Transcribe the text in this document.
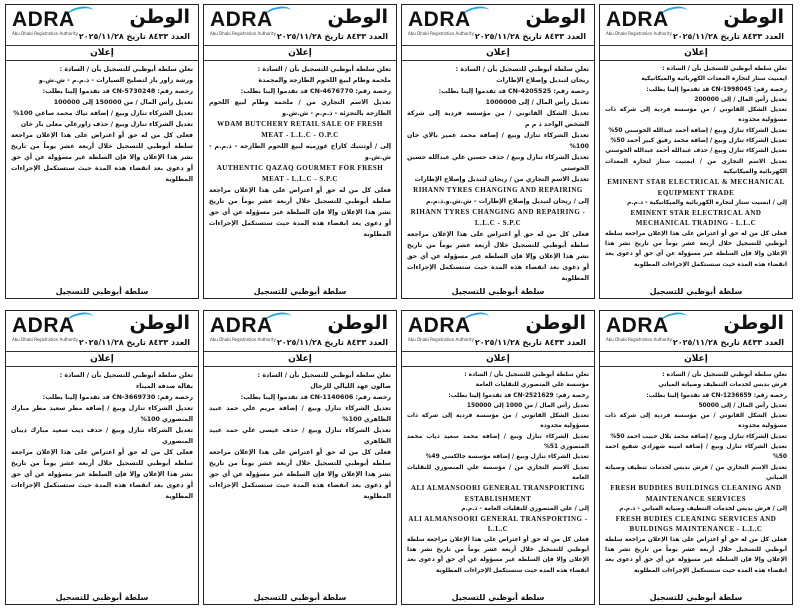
ADRA
Abu Dhabi Registration Authority
الوطن
العدد ٨٤٣٣ تاريخ ٢٠٢٥/١١/٢٨
إعلان
تعلن سلطة أبوظبي للتسجيل بأن / السادة :
ايمنيت ستار لتجارة المعدات الكهربائية والميكانيكية
رخصة رقم: CN-1998045 قد تقدموا إلينا بطلب:
تعديل رأس المال / إلى 200000
تعديل الشكل القانوني / من مؤسسة فردية إلى شركة ذات مسؤولية محدودة
تعديل الشركاء تنازل وبيع / إضافة أحمد عبدالله الحوسني 50%
تعديل الشركاء تنازل وبيع / إضافة محمد رفيق كبير أحمد 50%
تعديل الشركاء تنازل وبيع / حذف عبدالله أحمد عبدالله الحوسني
تعديل الاسم التجاري من / ايمنيت ستار لتجارة المعدات الكهربائية والميكانيكية
EMINENT STAR ELECTRICAL & MECHANICAL EQUIPMENT TRADE
إلى / ايمنيت ستار لتجارة الكهربائية والميكانيكية - ذ.م.م
EMINENT STAR ELECTRICAL AND MECHANICAL TRADING - L.L.C
فعلى كل من له حق أو اعتراض على هذا الإعلان مراجعة سلطة أبوظبي للتسجيل خلال أربعة عشر يوماً من تاريخ نشر هذا الإعلان وإلا فإن السلطة غير مسؤولة عن أي حق أو دعوى بعد انقضاء هذه المدة حيث ستستكمل الإجراءات المطلوبة
سلطة أبوظبي للتسجيل
ADRA
Abu Dhabi Registration Authority
الوطن
العدد ٨٤٣٣ تاريخ ٢٠٢٥/١١/٢٨
إعلان
تعلن سلطة أبوظبي للتسجيل بأن / السادة :
ريحان لتبديل وإصلاح الإطارات
رخصة رقم: CN-4205525 قد تقدموا إلينا بطلب:
تعديل رأس المال / إلى 1000000
تعديل الشكل القانوني / من مؤسسة فردية إلى شركة الشخص الواحد ذ م م
تعديل الشركاء تنازل وبيع / إضافة محمد عمير بالاي خان 100%
تعديل الشركاء تنازل وبيع / حذف حسين علي عبدالله حسين الحوسني
تعديل الاسم التجاري من / ريحان لتبديل وإصلاح الإطارات
RIHANN TYRES CHANGING AND REPAIRING
إلى / ريحان لتبديل وإصلاح الإطارات - ش.ش.و.ذ.م.م
RIHANN TYRES CHANGING AND REPAIRING - L.L.C - S.P.C
فعلى كل من له حق أو اعتراض على هذا الإعلان مراجعة سلطة أبوظبي للتسجيل خلال أربعة عشر يوماً من تاريخ نشر هذا الإعلان وإلا فإن السلطة غير مسؤولة عن أي حق أو دعوى بعد انقضاء هذه المدة حيث ستستكمل الإجراءات المطلوبة
سلطة أبوظبي للتسجيل
ADRA
Abu Dhabi Registration Authority
الوطن
العدد ٨٤٣٣ تاريخ ٢٠٢٥/١١/٢٨
إعلان
تعلن سلطة أبوظبي للتسجيل بأن / السادة :
ملحمة وطام لبيع اللحوم الطازجة والمجمدة
رخصة رقم: CN-4676770 قد تقدموا إلينا بطلب:
تعديل الاسم التجاري من / ملحمة وطام لبيع اللحوم الطازجة بالتجزئة - ذ.م.م - ش.ش.و
WDAM BUTCHERY RETAIL SALE OF FRESH MEAT - L.L.C - O.P.C
إلى / أوثنتيك كازاخ غورميه لبيع اللحوم الطازجة - ذ.م.م - ش.ش.و
AUTHENTIC QAZAQ GOURMET FOR FRESH MEAT - L.L.C - S.P.C
فعلى كل من له حق أو اعتراض على هذا الإعلان مراجعة سلطة أبوظبي للتسجيل خلال أربعة عشر يوماً من تاريخ نشر هذا الإعلان وإلا فإن السلطة غير مسؤولة عن أي حق أو دعوى بعد انقضاء هذه المدة حيث ستستكمل الإجراءات المطلوبة
سلطة أبوظبي للتسجيل
ADRA
Abu Dhabi Registration Authority
الوطن
العدد ٨٤٣٣ تاريخ ٢٠٢٥/١١/٢٨
إعلان
تعلن سلطة أبوظبي للتسجيل بأن / السادة :
ورشة زاور باز لتصليح السيارات - ذ.م.م - ش.ش.و
رخصة رقم: CN-5730248 قد تقدموا إلينا بطلب:
تعديل رأس المال / من 150000 إلى 100000
تعديل الشركاء تنازل وبيع / إضافة نياك محمد ساغي 100%
تعديل الشركاء تنازل وبيع / حذف زاورعلي معلى باز خان
فعلى كل من له حق أو اعتراض على هذا الإعلان مراجعة سلطة أبوظبي للتسجيل خلال أربعة عشر يوماً من تاريخ نشر هذا الإعلان وإلا فإن السلطة غير مسؤولة عن أي حق أو دعوى بعد انقضاء هذه المدة حيث ستستكمل الإجراءات المطلوبة
سلطة أبوظبي للتسجيل
ADRA
Abu Dhabi Registration Authority
الوطن
العدد ٨٤٣٣ تاريخ ٢٠٢٥/١١/٢٨
إعلان
تعلن سلطة أبوظبي للتسجيل بأن / السادة :
فرش بديس لخدمات التنظيف وصيانة المباني
رخصة رقم: CN-1236659 قد تقدموا إلينا بطلب:
تعديل رأس المال / إلى 50000
تعديل الشكل القانوني / من مؤسسة فردية إلى شركة ذات مسؤولية محدودة
تعديل الشركاء تنازل وبيع / إضافة محمد بلال حبيب احمد 50%
تعديل الشركاء تنازل وبيع / إضافة امينه شهزادي شفيع احمد 50%
تعديل الاسم التجاري من / فرش بديس لخدمات تنظيف وصيانة المباني
FRESH BUDDIES BUILDINGS CLEANING AND MAINTENANCE SERVICES
إلى / فرش بديس لخدمات التنظيف وصيانة المباني - ذ.م.م
FRESH BUDIES CLEANING SERVICES AND BUILDINGS MAINTENANCE - L.L.C
فعلى كل من له حق أو اعتراض على هذا الإعلان مراجعة سلطة أبوظبي للتسجيل خلال أربعة عشر يوماً من تاريخ نشر هذا الإعلان وإلا فإن السلطة غير مسؤولة عن أي حق أو دعوى بعد انقضاء هذه المدة حيث ستستكمل الإجراءات المطلوبة
سلطة أبوظبي للتسجيل
ADRA
Abu Dhabi Registration Authority
الوطن
العدد ٨٤٣٣ تاريخ ٢٠٢٥/١١/٢٨
إعلان
تعلن سلطة أبوظبي للتسجيل بأن / السادة :
مؤسسة علي المنصوري للنقليات العامة
رخصة رقم: CN-2521629 قد تقدموا إلينا بطلب:
تعديل رأس المال / من 1000 إلى 150000
تعديل الشكل القانوني / من مؤسسة فردية إلى شركة ذات مسؤولية محدودة
تعديل الشركاء تنازل وبيع / إضافة محمد سعيد ذياب محمد المنصوري 51%
تعديل الشركاء تنازل وبيع / إضافة مؤسسة جالكسي 49%
تعديل الاسم التجاري من / مؤسسة علي المنصوري للنقليات العامة
ALI ALMANSOORI GENERAL TRANSPORTING ESTABLISHMENT
إلى / علي المنصوري للنقليات العامة - ذ.م.م
ALI ALMANSOORI GENERAL TRANSPORTING - L.L.C
فعلى كل من له حق أو اعتراض على هذا الإعلان مراجعة سلطة أبوظبي للتسجيل خلال أربعة عشر يوماً من تاريخ نشر هذا الإعلان وإلا فإن السلطة غير مسؤولة عن أي حق أو دعوى بعد انقضاء هذه المدة حيث ستستكمل الإجراءات المطلوبة
سلطة أبوظبي للتسجيل
ADRA
Abu Dhabi Registration Authority
الوطن
العدد ٨٤٣٣ تاريخ ٢٠٢٥/١١/٢٨
إعلان
تعلن سلطة أبوظبي للتسجيل بأن / السادة :
صالون عهد الليالي للرجال
رخصة رقم: CN-1140606 قد تقدموا إلينا بطلب:
تعديل الشركاء تنازل وبيع / إضافة مريم علي حمد عبيد الظاهري 100%
تعديل الشركاء تنازل وبيع / حذف عيسى علي حمد عبيد الظاهري
فعلى كل من له حق أو اعتراض على هذا الإعلان مراجعة سلطة أبوظبي للتسجيل خلال أربعة عشر يوماً من تاريخ نشر هذا الإعلان وإلا فإن السلطة غير مسؤولة عن أي حق أو دعوى بعد انقضاء هذه المدة حيث ستستكمل الإجراءات المطلوبة
سلطة أبوظبي للتسجيل
ADRA
Abu Dhabi Registration Authority
الوطن
العدد ٨٤٣٣ تاريخ ٢٠٢٥/١١/٢٨
إعلان
تعلن سلطة أبوظبي للتسجيل بأن / السادة :
بقالة صدفة الميناء
رخصة رقم: CN-3669730 قد تقدموا إلينا بطلب:
تعديل الشركاء تنازل وبيع / إضافة مطر سعيد مطر مبارك المنصوري 100%
تعديل الشركاء تنازل وبيع / حذف ذيب سعيد مبارك ذيبان المنصوري
فعلى كل من له حق أو اعتراض على هذا الإعلان مراجعة سلطة أبوظبي للتسجيل خلال أربعة عشر يوماً من تاريخ نشر هذا الإعلان وإلا فإن السلطة غير مسؤولة عن أي حق أو دعوى بعد انقضاء هذه المدة حيث ستستكمل الإجراءات المطلوبة
سلطة أبوظبي للتسجيل
